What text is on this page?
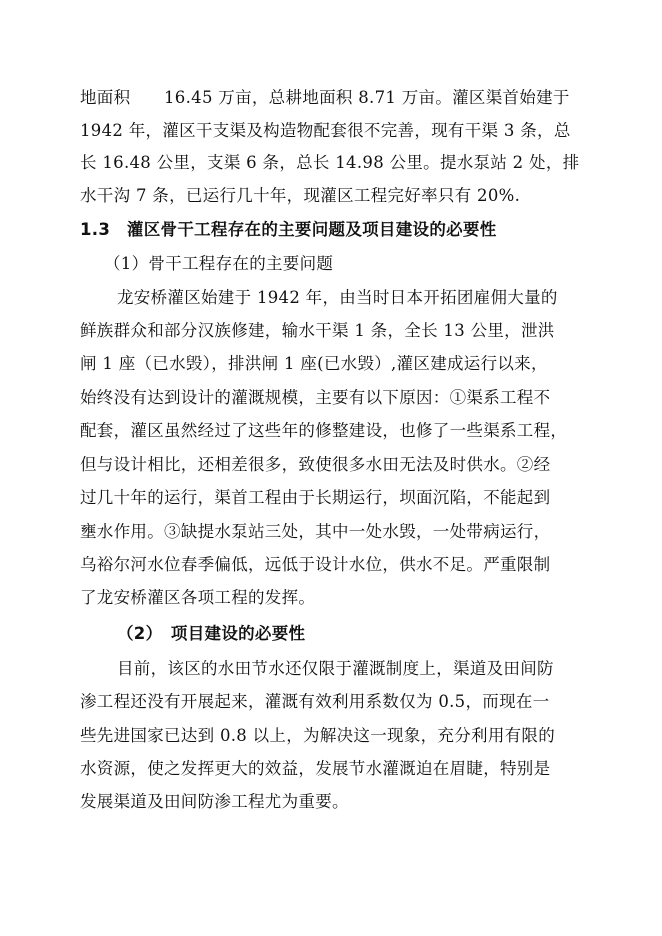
地面积　　16.45 万亩，总耕地面积 8.71 万亩。灌区渠首始建于
1942 年，灌区干支渠及构造物配套很不完善，现有干渠 3 条，总
长 16.48 公里，支渠 6 条，总长 14.98 公里。提水泵站 2 处，排
水干沟 7 条，已运行几十年，现灌区工程完好率只有 20%.
1.3　灌区骨干工程存在的主要问题及项目建设的必要性
（1）骨干工程存在的主要问题
龙安桥灌区始建于 1942 年，由当时日本开拓团雇佣大量的
鲜族群众和部分汉族修建，输水干渠 1 条，全长 13 公里，泄洪
闸 1 座（已水毁），排洪闸 1 座(已水毁）,灌区建成运行以来，
始终没有达到设计的灌溉规模，主要有以下原因：①渠系工程不
配套，灌区虽然经过了这些年的修整建设，也修了一些渠系工程，
但与设计相比，还相差很多，致使很多水田无法及时供水。②经
过几十年的运行，渠首工程由于长期运行，坝面沉陷，不能起到
壅水作用。③缺提水泵站三处，其中一处水毁，一处带病运行，
乌裕尔河水位春季偏低，远低于设计水位，供水不足。严重限制
了龙安桥灌区各项工程的发挥。
（2）　项目建设的必要性
目前，该区的水田节水还仅限于灌溉制度上，渠道及田间防
渗工程还没有开展起来，灌溉有效利用系数仅为 0.5，而现在一
些先进国家已达到 0.8 以上，为解决这一现象，充分利用有限的
水资源，使之发挥更大的效益，发展节水灌溉迫在眉睫，特别是
发展渠道及田间防渗工程尤为重要。
